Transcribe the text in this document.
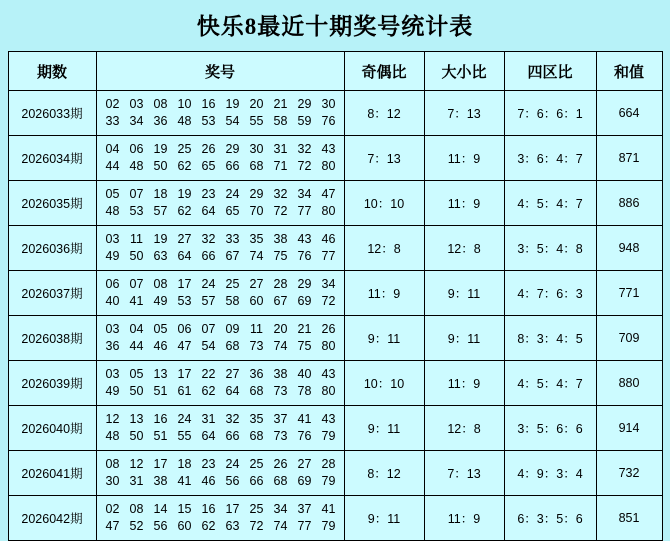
快乐8最近十期奖号统计表
期数	奖号	奇偶比	大小比	四区比	和值
2026033期	02 03 08 10 16 19 20 21 29 30
33 34 36 48 53 54 55 58 59 76	8：12	7：13	7：6：6：1	664
2026034期	04 06 19 25 26 29 30 31 32 43
44 48 50 62 65 66 68 71 72 80	7：13	11：9	3：6：4：7	871
2026035期	05 07 18 19 23 24 29 32 34 47
48 53 57 62 64 65 70 72 77 80	10：10	11：9	4：5：4：7	886
2026036期	03 11 19 27 32 33 35 38 43 46
49 50 63 64 66 67 74 75 76 77	12：8	12：8	3：5：4：8	948
2026037期	06 07 08 17 24 25 27 28 29 34
40 41 49 53 57 58 60 67 69 72	11：9	9：11	4：7：6：3	771
2026038期	03 04 05 06 07 09 11 20 21 26
36 44 46 47 54 68 73 74 75 80	9：11	9：11	8：3：4：5	709
2026039期	03 05 13 17 22 27 36 38 40 43
49 50 51 61 62 64 68 73 78 80	10：10	11：9	4：5：4：7	880
2026040期	12 13 16 24 31 32 35 37 41 43
48 50 51 55 64 66 68 73 76 79	9：11	12：8	3：5：6：6	914
2026041期	08 12 17 18 23 24 25 26 27 28
30 31 38 41 46 56 66 68 69 79	8：12	7：13	4：9：3：4	732
2026042期	02 08 14 15 16 17 25 34 37 41
47 52 56 60 62 63 72 74 77 79	9：11	11：9	6：3：5：6	851
